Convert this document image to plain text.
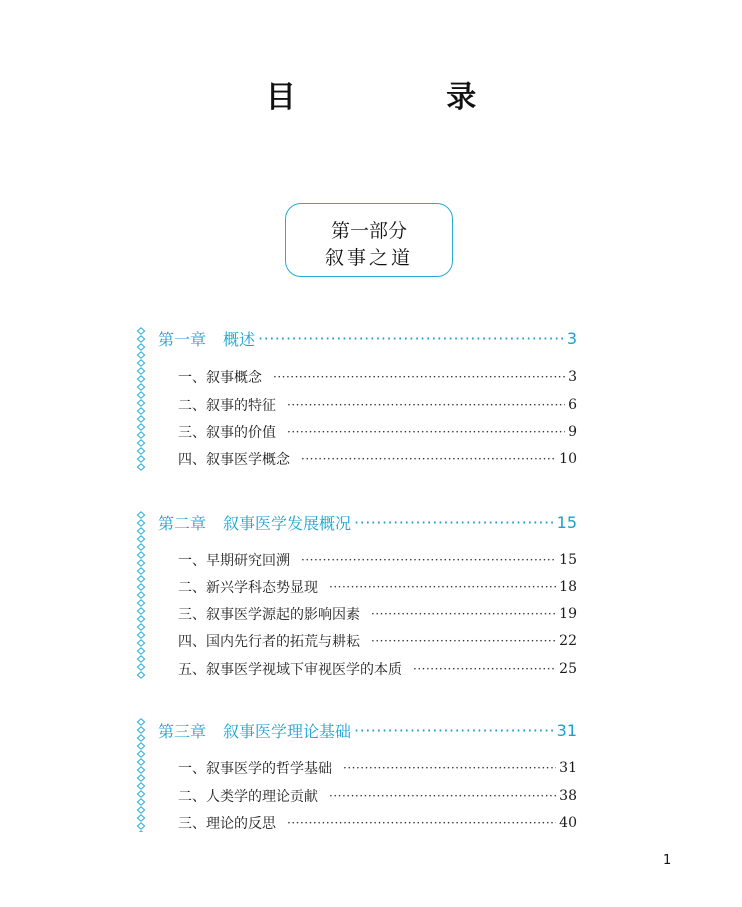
目 录
第一部分
叙事之道
第一章 概述 ·····	3
一、叙事概念 ·····	3
二、叙事的特征 ·····	6
三、叙事的价值 ·····	9
四、叙事医学概念 ·····	10
第二章 叙事医学发展概况 ·····	15
一、早期研究回溯 ·····	15
二、新兴学科态势显现 ·····	18
三、叙事医学源起的影响因素 ·····	19
四、国内先行者的拓荒与耕耘 ·····	22
五、叙事医学视域下审视医学的本质 ·····	25
第三章 叙事医学理论基础 ·····	31
一、叙事医学的哲学基础 ·····	31
二、人类学的理论贡献 ·····	38
三、理论的反思 ·····	40
1
